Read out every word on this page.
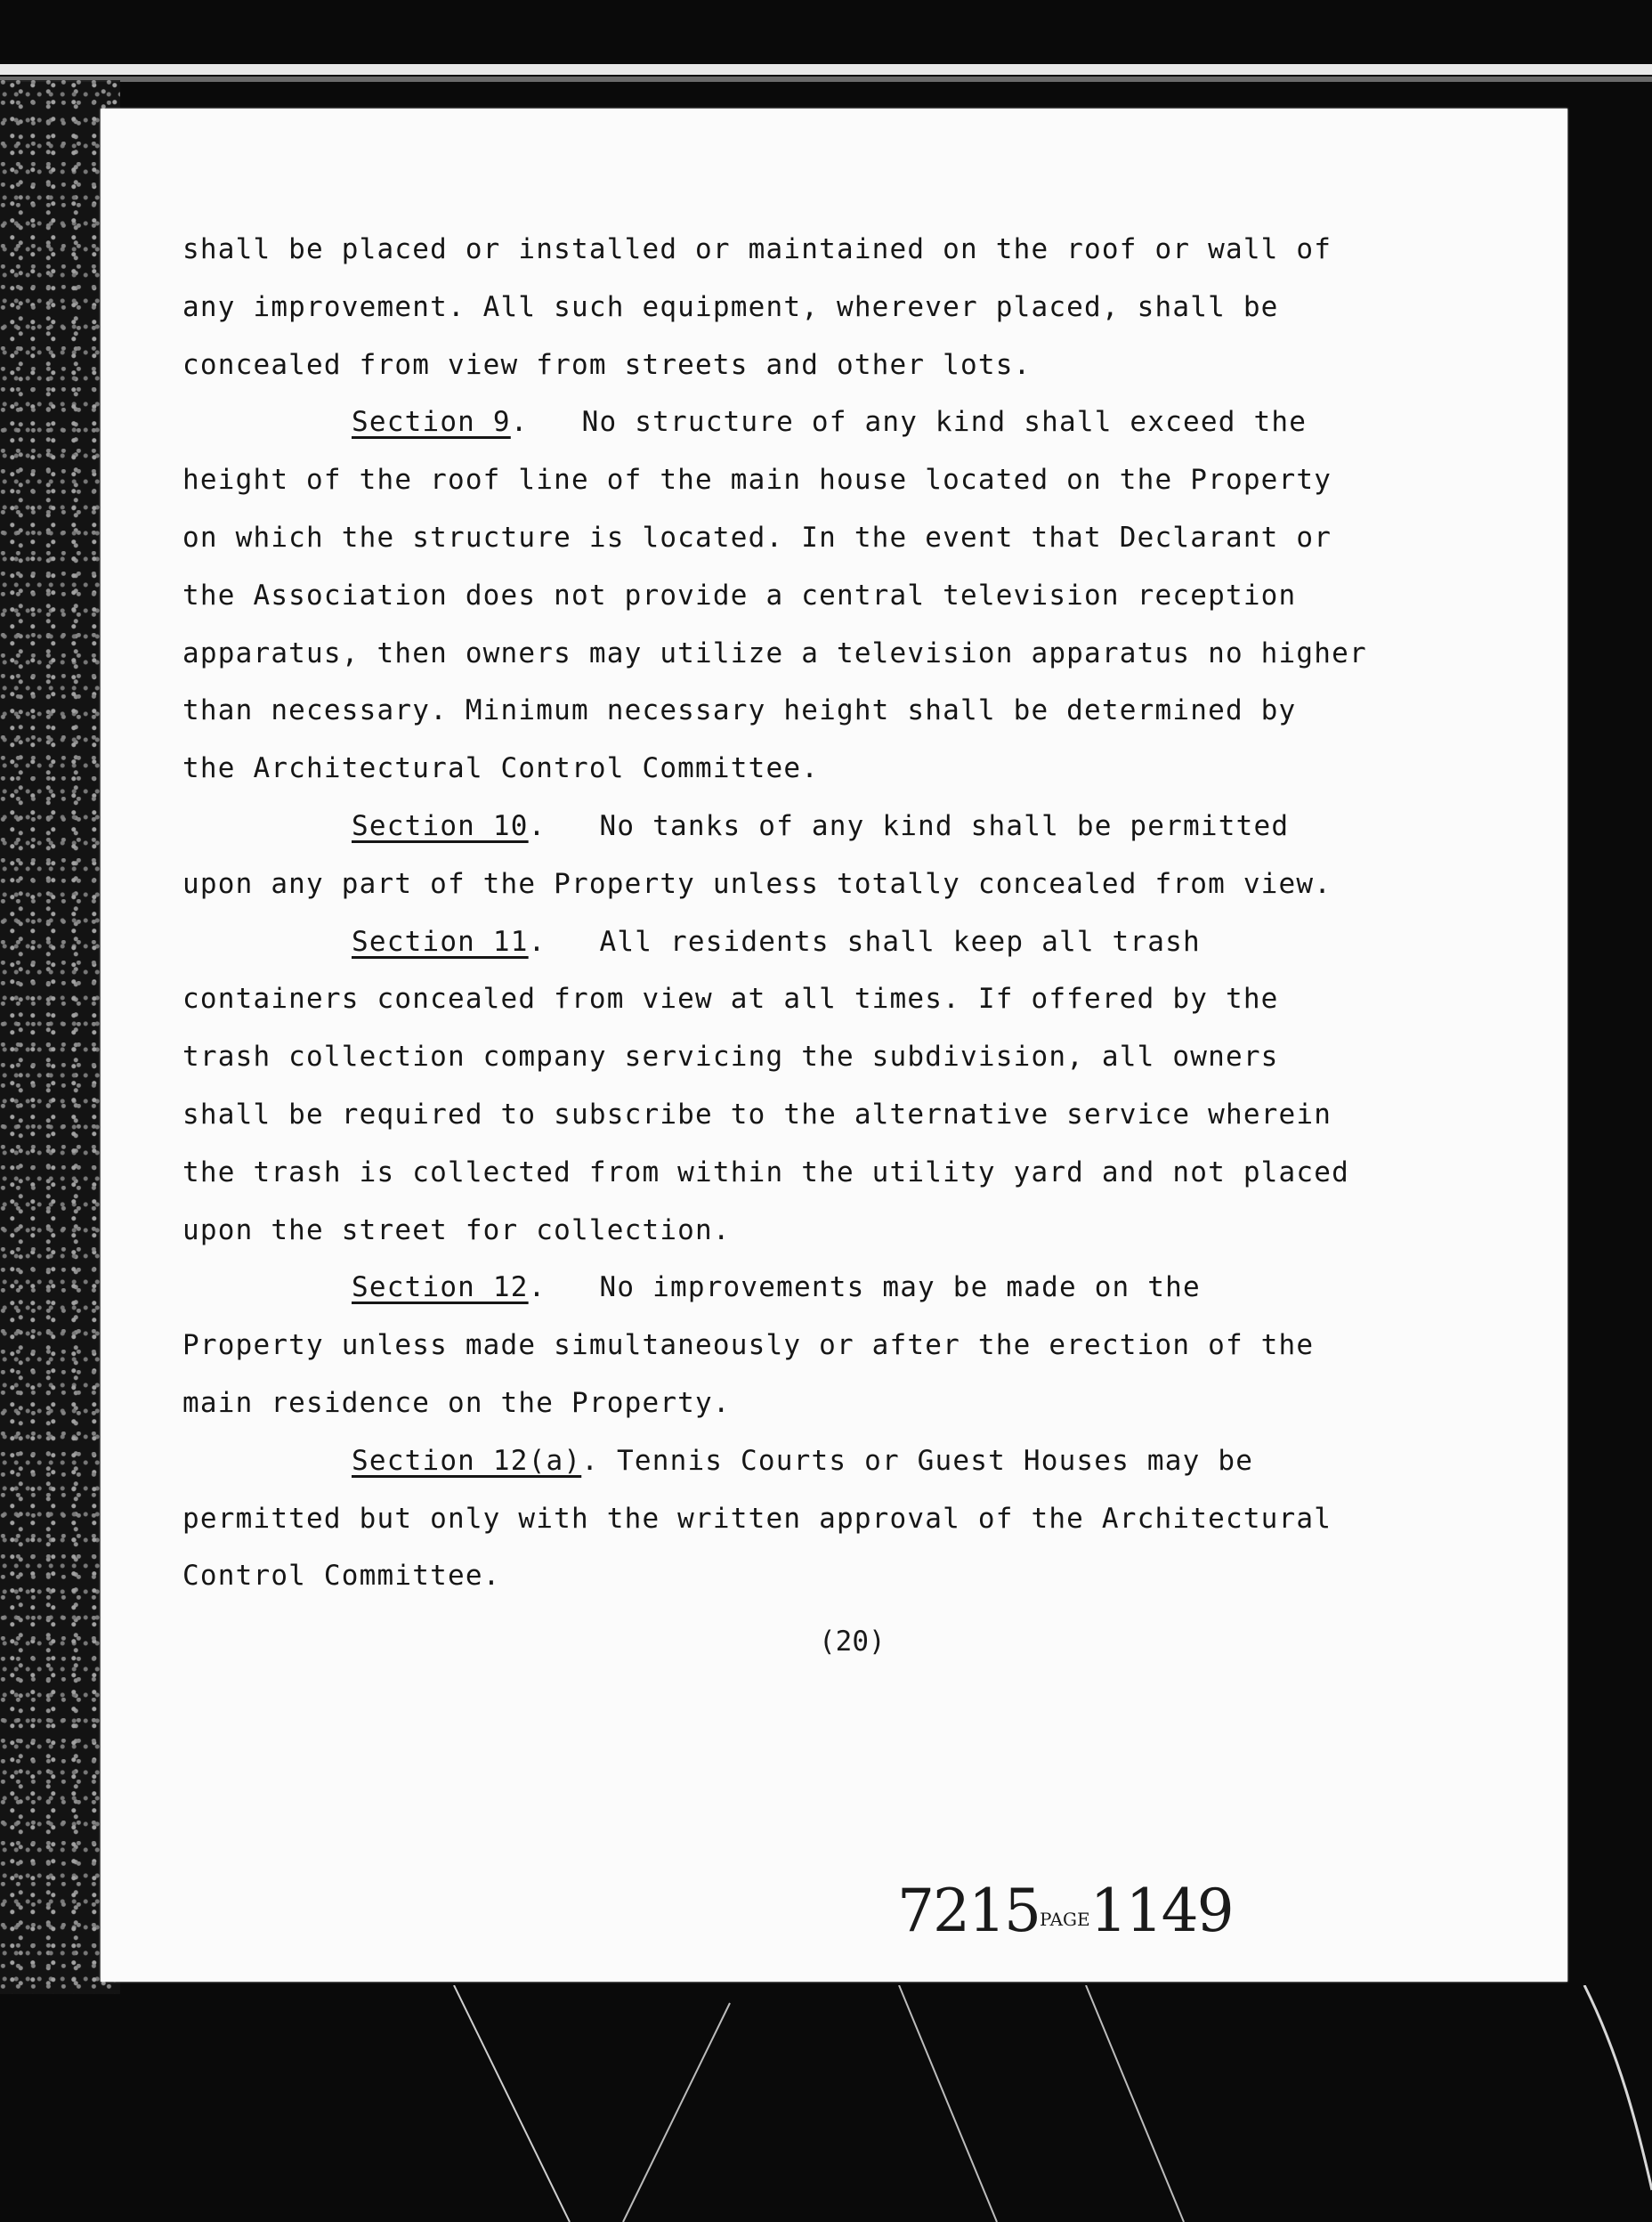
shall be placed or installed or maintained on the roof or wall of
any improvement. All such equipment, wherever placed, shall be
concealed from view from streets and other lots.
Section 9. No structure of any kind shall exceed the
height of the roof line of the main house located on the Property
on which the structure is located. In the event that Declarant or
the Association does not provide a central television reception
apparatus, then owners may utilize a television apparatus no higher
than necessary. Minimum necessary height shall be determined by
the Architectural Control Committee.
Section 10. No tanks of any kind shall be permitted
upon any part of the Property unless totally concealed from view.
Section 11. All residents shall keep all trash
containers concealed from view at all times. If offered by the
trash collection company servicing the subdivision, all owners
shall be required to subscribe to the alternative service wherein
the trash is collected from within the utility yard and not placed
upon the street for collection.
Section 12. No improvements may be made on the
Property unless made simultaneously or after the erection of the
main residence on the Property.
Section 12(a). Tennis Courts or Guest Houses may be
permitted but only with the written approval of the Architectural
Control Committee.
(20)
7215PAGE1149
